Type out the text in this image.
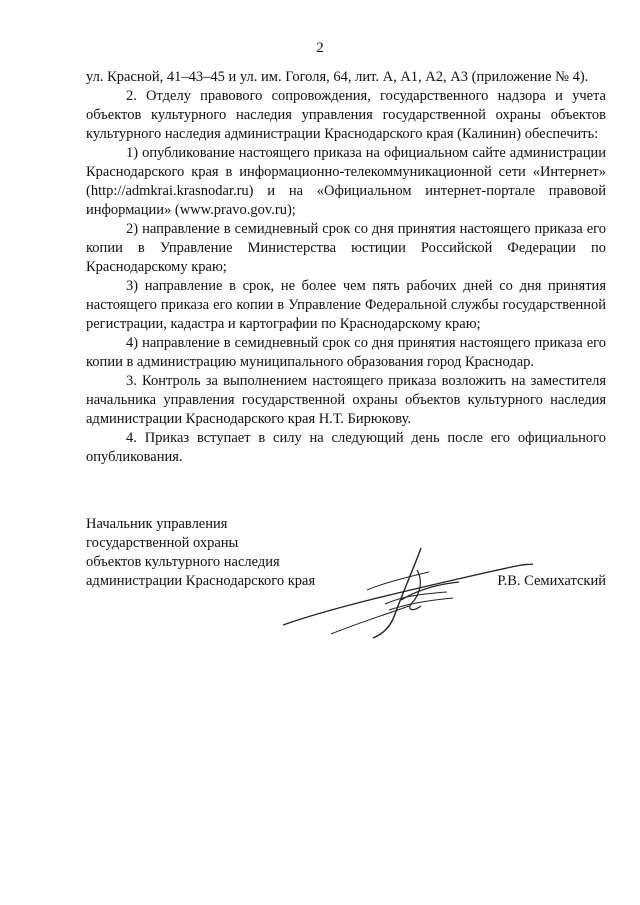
2

ул. Красной, 41–43–45 и ул. им. Гоголя, 64, лит. А, А1, А2, А3 (приложение № 4).

2. Отделу правового сопровождения, государственного надзора и учета объектов культурного наследия управления государственной охраны объектов культурного наследия администрации Краснодарского края (Калинин) обеспечить:

1) опубликование настоящего приказа на официальном сайте администрации Краснодарского края в информационно-телекоммуникационной сети «Интернет» (http://admkrai.krasnodar.ru) и на «Официальном интернет-портале правовой информации» (www.pravo.gov.ru);

2) направление в семидневный срок со дня принятия настоящего приказа его копии в Управление Министерства юстиции Российской Федерации по Краснодарскому краю;

3) направление в срок, не более чем пять рабочих дней со дня принятия настоящего приказа его копии в Управление Федеральной службы государственной регистрации, кадастра и картографии по Краснодарскому краю;

4) направление в семидневный срок со дня принятия настоящего приказа его копии в администрацию муниципального образования город Краснодар.

3. Контроль за выполнением настоящего приказа возложить на заместителя начальника управления государственной охраны объектов культурного наследия администрации Краснодарского края Н.Т. Бирюкову.

4. Приказ вступает в силу на следующий день после его официального опубликования.

Начальник управления
государственной охраны
объектов культурного наследия
администрации Краснодарского края	Р.В. Семихатский
